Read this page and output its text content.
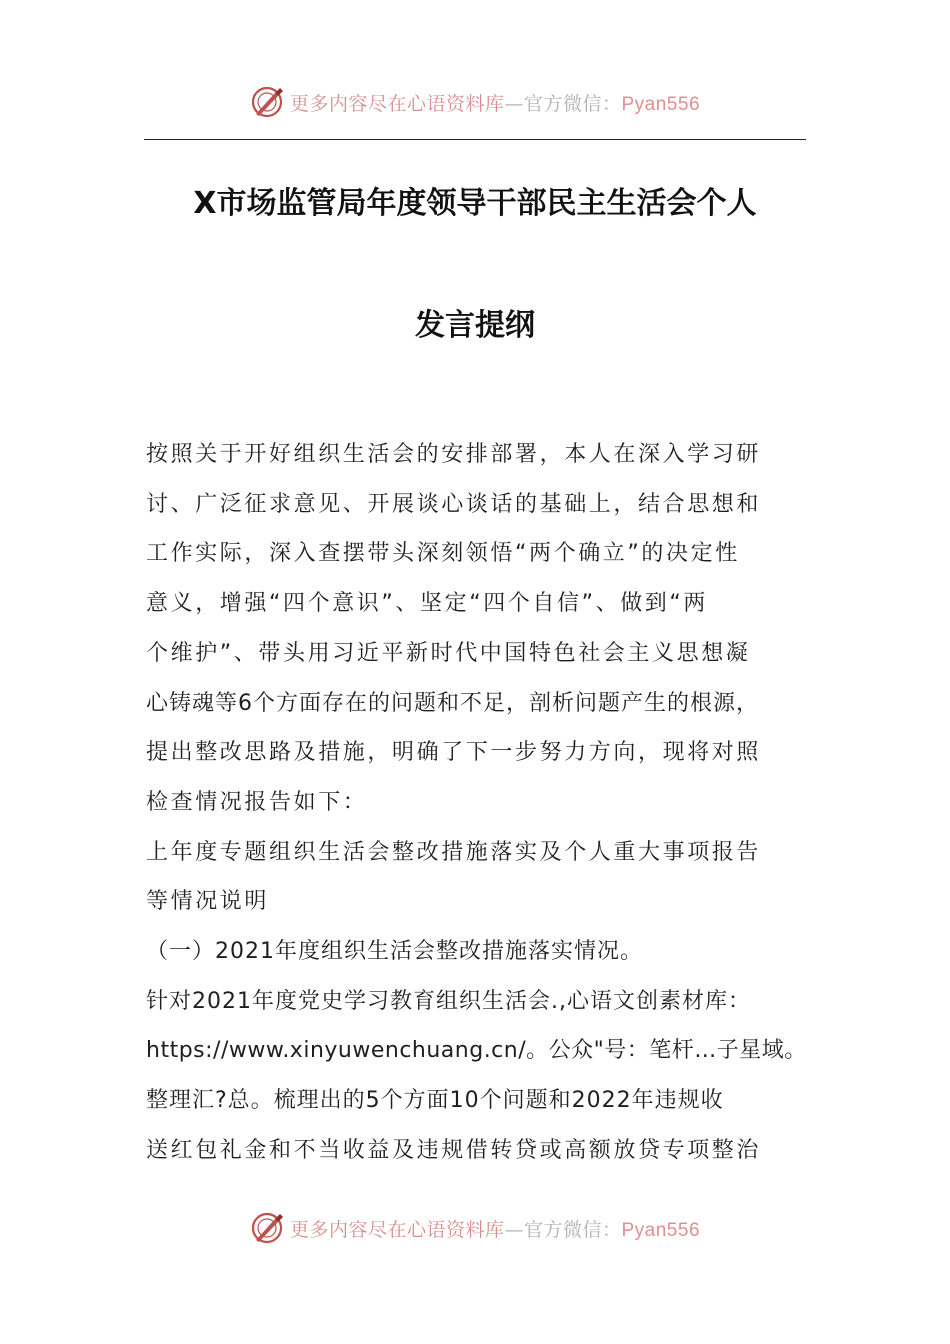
更多内容尽在心语资料库—官方微信：Pyan556
X市场监管局年度领导干部民主生活会个人
发言提纲
按照关于开好组织生活会的安排部署，本人在深入学习研
讨、广泛征求意见、开展谈心谈话的基础上，结合思想和
工作实际，深入查摆带头深刻领悟“两个确立”的决定性
意义，增强“四个意识”、坚定“四个自信”、做到“两
个维护”、带头用习近平新时代中国特色社会主义思想凝
心铸魂等6个方面存在的问题和不足，剖析问题产生的根源，
提出整改思路及措施，明确了下一步努力方向，现将对照
检查情况报告如下：
上年度专题组织生活会整改措施落实及个人重大事项报告
等情况说明
（一）2021年度组织生活会整改措施落实情况。
针对2021年度党史学习教育组织生活会.,心语文创素材库：
https://www.xinyuwenchuang.cn/。公众"号：笔杆…子星域。
整理汇?总。梳理出的5个方面10个问题和2022年违规收
送红包礼金和不当收益及违规借转贷或高额放贷专项整治
更多内容尽在心语资料库—官方微信：Pyan556
